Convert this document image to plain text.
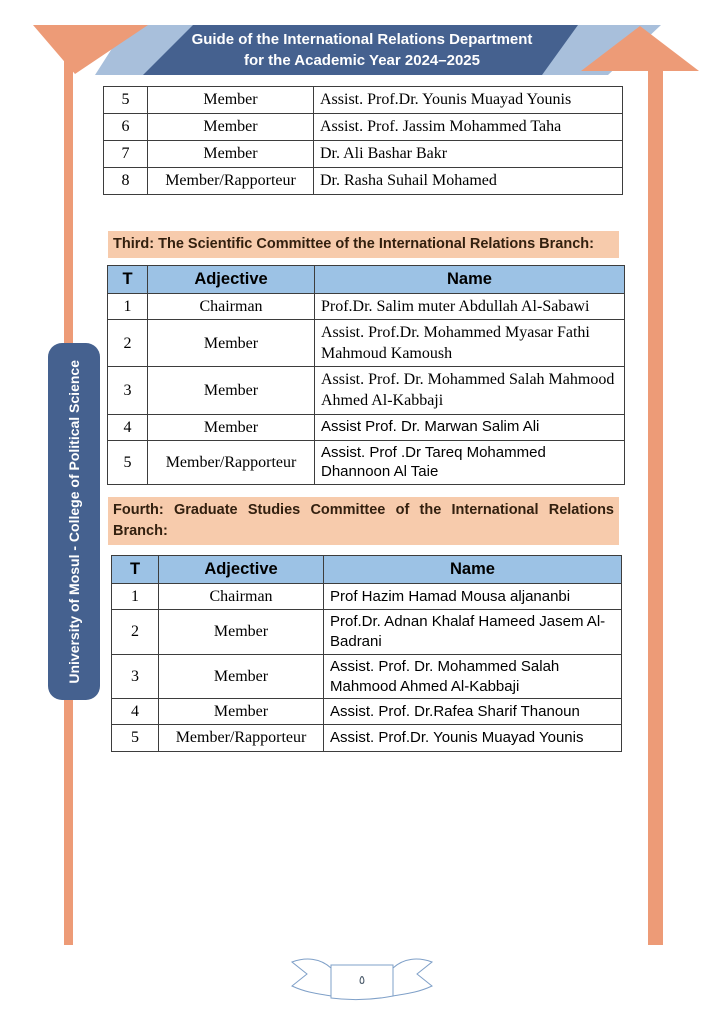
Guide of the International Relations Department
for the Academic Year 2024–2025
University of Mosul - College of Political Science
5	Member	Assist. Prof.Dr. Younis Muayad Younis
6	Member	Assist. Prof. Jassim Mohammed Taha
7	Member	Dr. Ali Bashar Bakr
8	Member/Rapporteur	Dr. Rasha Suhail Mohamed
Third: The Scientific Committee of the International Relations Branch:
T	Adjective	Name
1	Chairman	Prof.Dr. Salim muter Abdullah Al-Sabawi
2	Member	Assist. Prof.Dr. Mohammed Myasar Fathi Mahmoud Kamoush
3	Member	Assist. Prof. Dr. Mohammed Salah Mahmood Ahmed Al-Kabbaji
4	Member	Assist Prof. Dr. Marwan Salim Ali
5	Member/Rapporteur	Assist. Prof .Dr Tareq Mohammed Dhannoon Al Taie
Fourth: Graduate Studies Committee of the International Relations Branch:
T	Adjective	Name
1	Chairman	Prof Hazim Hamad Mousa aljananbi
2	Member	Prof.Dr. Adnan Khalaf Hameed Jasem Al-Badrani
3	Member	Assist. Prof. Dr. Mohammed Salah Mahmood Ahmed Al-Kabbaji
4	Member	Assist. Prof. Dr.Rafea Sharif Thanoun
5	Member/Rapporteur	Assist. Prof.Dr. Younis Muayad Younis
٥
